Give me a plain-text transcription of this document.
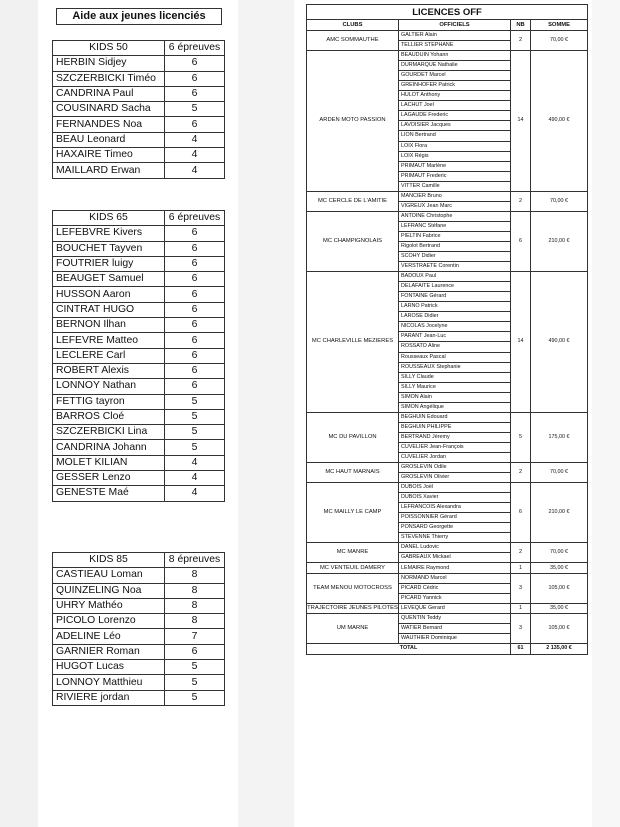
Aide aux jeunes licenciés
KIDS 50	6 épreuves
HERBIN Sidjey	6
SZCZERBICKI Timéo	6
CANDRINA Paul	6
COUSINARD Sacha	5
FERNANDES Noa	6
BEAU Leonard	4
HAXAIRE Timeo	4
MAILLARD Erwan	4
KIDS 65	6 épreuves
LEFEBVRE Kivers	6
BOUCHET Tayven	6
FOUTRIER luigy	6
BEAUGET Samuel	6
HUSSON Aaron	6
CINTRAT HUGO	6
BERNON Ilhan	6
LEFEVRE Matteo	6
LECLERE Carl	6
ROBERT Alexis	6
LONNOY Nathan	6
FETTIG tayron	5
BARROS Cloé	5
SZCZERBICKI Lina	5
CANDRINA Johann	5
MOLET KILIAN	4
GESSER Lenzo	4
GENESTE Maé	4
KIDS 85	8 épreuves
CASTIEAU Loman	8
QUINZELING Noa	8
UHRY Mathéo	8
PICOLO Lorenzo	8
ADELINE Léo	7
GARNIER Roman	6
HUGOT Lucas	5
LONNOY Matthieu	5
RIVIERE jordan	5
LICENCES OFF			
CLUBS	OFFICIELS	NB	SOMME
AMC SOMMAUTHE	GALTIER Alain	2	70,00 €
	TELLIER STEPHANE		
ARDEN MOTO PASSION	BEAUDUIN Yohann	14	490,00 €
	DURMARQUE Nathalie		
	GOURDET Marcel		
	GREINHOFER Patrick		
	HULOT Anthony		
	LACHUT Joel		
	LAGAUDE Frederic		
	LAVOISIER Jacques		
	LION Bertrand		
	LOIX Flora		
	LOIX Régis		
	PRIMAUT Marlène		
	PRIMAUT Frederic		
	VITTER Camille		
MC CERCLE DE L'AMITIE	MANCIER Bruno	2	70,00 €
	VIGREUX Jean Marc		
MC CHAMPIGNOLAIS	ANTOINE Christophe	6	210,00 €
	LEFRANC Stéfane		
	PIELTIN Fabrice		
	Rigolot Bertrand		
	SCOHY Didier		
	VERSTRAETE Corentin		
MC CHARLEVILLE MEZIERES	BADOUX Paul	14	490,00 €
	DELAFAITE Laurence		
	FONTAINE Gérard		
	LARNO Patrick		
	LAROSE Didier		
	NICOLAS Jocelyne		
	PARANT Jean-Luc		
	ROSSATO Aline		
	Rousseaux Pascal		
	ROUSSEAUX Stephanie		
	SILLY Claude		
	SILLY Maurice		
	SIMON Alain		
	SIMON Angélique		
MC DU PAVILLON	BEGHUIN Edouard	5	175,00 €
	BEGHUIN PHILIPPE		
	BERTRAND Jéremy		
	CUVELIER Jean-François		
	CUVELIER Jordan		
MC HAUT MARNAIS	GROSLEVIN Odile	2	70,00 €
	GROSLEVIN Olivier		
MC MAILLY LE CAMP	DUBOIS Joël	6	210,00 €
	DUBOIS Xavier		
	LEFRANCOIS Alexandra		
	POISSONNIER Gérard		
	PONSARD Georgette		
	STEVENNE Thierry		
MC MANRE	DANEL Ludovic	2	70,00 €
	GABREAUX Mickael		
MC VENTEUIL DAMERY	LEMAIRE Raymond	1	35,00 €
TEAM MENOU MOTOCROSS	NORMAND Marcel	3	105,00 €
	PICARD Cédric		
	PICARD Yannick		
TRAJECTOIRE JEUNES PILOTES	LEVEQUE Gerard	1	35,00 €
UM MARNE	QUENTIN Teddy	3	105,00 €
	WATIER Bernard		
	WAUTHIER Dominique		
TOTAL		61	2 135,00 €
